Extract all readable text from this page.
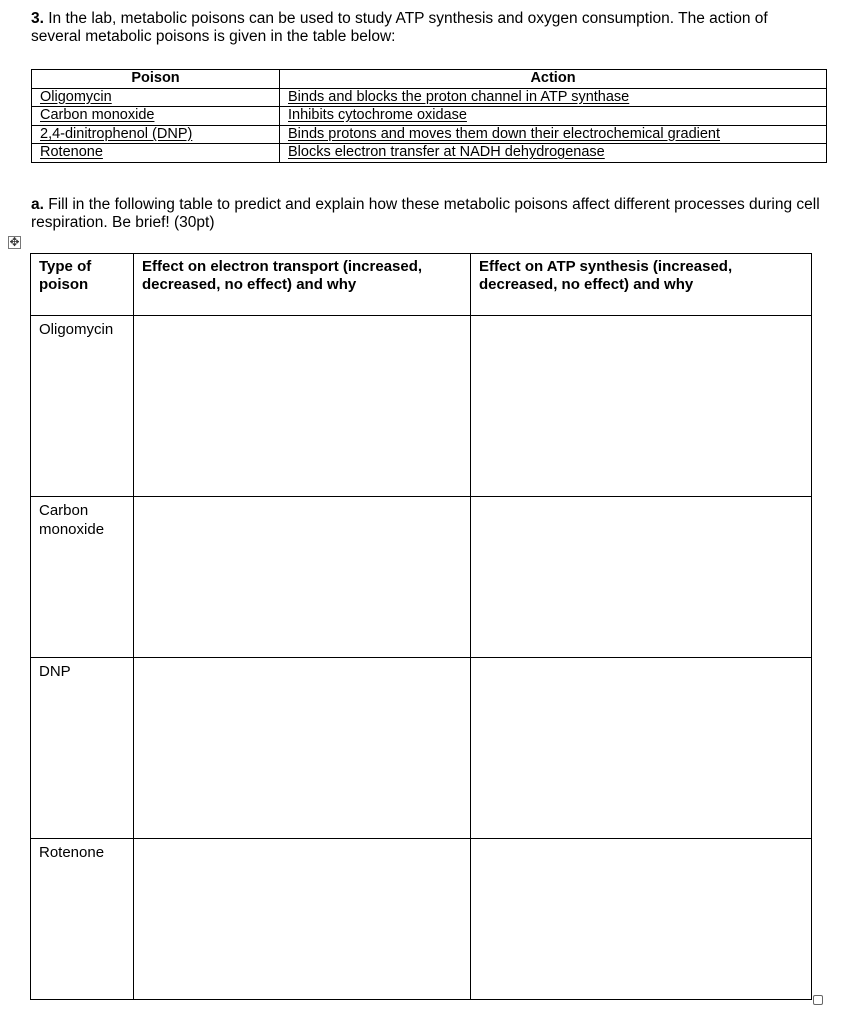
3. In the lab, metabolic poisons can be used to study ATP synthesis and oxygen consumption. The action of several metabolic poisons is given in the table below:
Poison	Action
Oligomycin	Binds and blocks the proton channel in ATP synthase
Carbon monoxide	Inhibits cytochrome oxidase
2,4-dinitrophenol (DNP)	Binds protons and moves them down their electrochemical gradient
Rotenone	Blocks electron transfer at NADH dehydrogenase
a. Fill in the following table to predict and explain how these metabolic poisons affect different processes during cell respiration. Be brief! (30pt)
✥
Type of poison	Effect on electron transport (increased, decreased, no effect) and why	Effect on ATP synthesis (increased, decreased, no effect) and why
Oligomycin		
Carbon monoxide		
DNP		
Rotenone		
